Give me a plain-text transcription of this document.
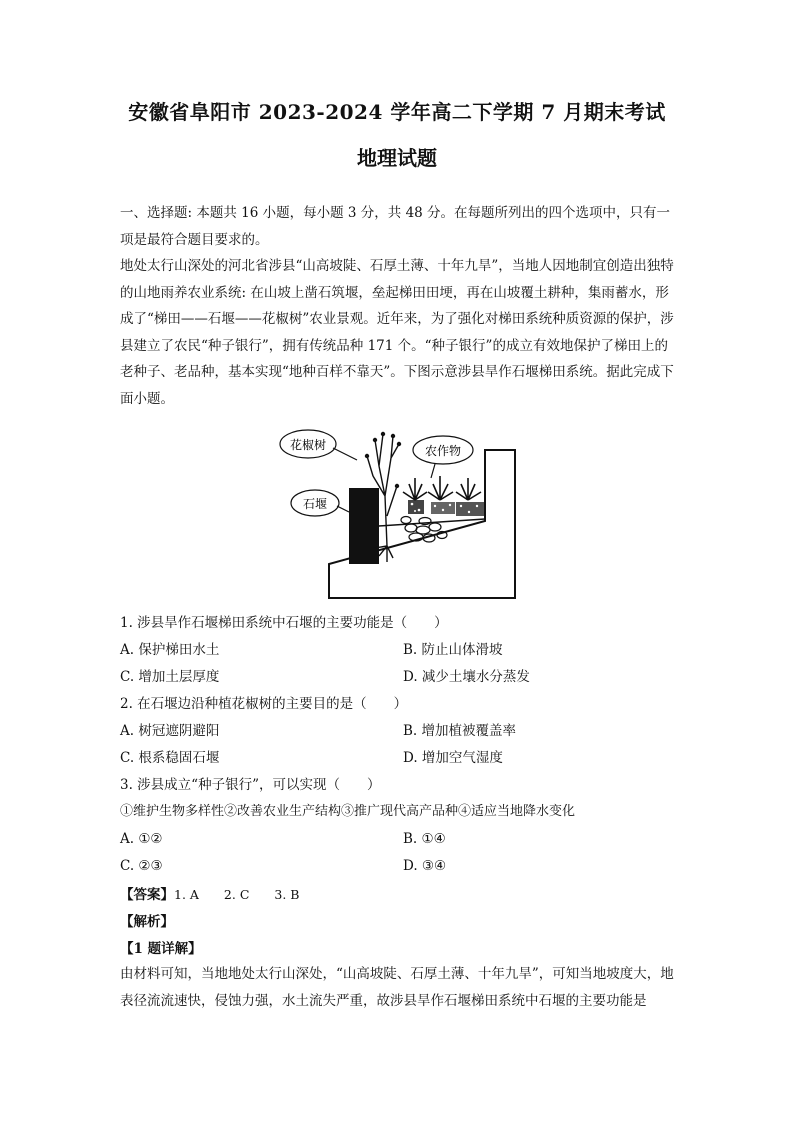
安徽省阜阳市 2023-2024 学年高二下学期 7 月期末考试
地理试题
一、选择题: 本题共 16 小题，每小题 3 分，共 48 分。在每题所列出的四个选项中，只有一项是最符合题目要求的。
地处太行山深处的河北省涉县“山高坡陡、石厚土薄、十年九旱”，当地人因地制宜创造出独特的山地雨养农业系统: 在山坡上凿石筑堰，垒起梯田田埂，再在山坡覆土耕种，集雨蓄水，形成了“梯田——石堰——花椒树”农业景观。近年来，为了强化对梯田系统种质资源的保护，涉县建立了农民“种子银行”，拥有传统品种 171 个。“种子银行”的成立有效地保护了梯田上的老种子、老品种，基本实现“地种百样不靠天”。下图示意涉县旱作石堰梯田系统。据此完成下面小题。
花椒树	农作物
石堰
1. 涉县旱作石堰梯田系统中石堰的主要功能是（　　）
A. 保护梯田水土	B. 防止山体滑坡
C. 增加土层厚度	D. 减少土壤水分蒸发
2. 在石堰边沿种植花椒树的主要目的是（　　）
A. 树冠遮阴避阳	B. 增加植被覆盖率
C. 根系稳固石堰	D. 增加空气湿度
3. 涉县成立“种子银行”，可以实现（　　）
①维护生物多样性②改善农业生产结构③推广现代高产品种④适应当地降水变化
A. ①②	B. ①④
C. ②③	D. ③④
【答案】1. A　　2. C　　3. B
【解析】
【1 题详解】
由材料可知，当地地处太行山深处，“山高坡陡、石厚土薄、十年九旱”，可知当地坡度大，地表径流流速快，侵蚀力强，水土流失严重，故涉县旱作石堰梯田系统中石堰的主要功能是
